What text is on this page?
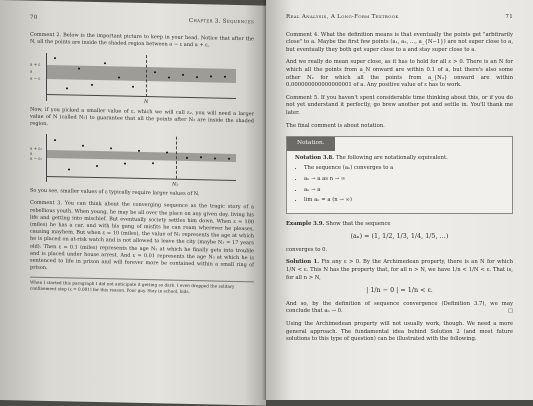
70
Chapter 3. Sequences

Comment 2. Below is the important picture to keep in your head. Notice that after the N, all the points are inside the shaded region between a − ε and a + ε.

a + ε
a
a − ε
N

Now, if you picked a smaller value of ε, which we will call ε₂, you will need a larger value of N (called N₂) to guarantee that all the points after N₂ are inside the shaded region.

a + ε₂
a
a − ε₂
N₂

So you see, smaller values of ε typically require larger values of N.

Comment 3. You can think about the converging sequence as the tragic story of a rebellious youth. When young, he may be all over the place on any given day, living his life and getting into mischief. But eventually society settles him down. When ε = 100 (miles) he has a car, and with his gang of misfits he can roam wherever he pleases, causing mayhem. But when ε = 10 (miles), the value of N₁ represents the age at which he is placed on at-risk watch and is not allowed to leave the city (maybe N₁ = 17 years old). Then ε = 0.1 (miles) represents the age N₂ at which he finally gets into trouble and is placed under house arrest. And ε = 0.01 represents the age N₃ at which he is sentenced to life in prison and will forever more be contained within a small ring of prison.

When I started this paragraph I did not anticipate it getting so dark. I even dropped the solitary confinement step (ε = 0.001) for this reason. Poor guy. Stay in school, kids.
Real Analysis, A Long-Form Textbook	71

Comment 4. What the definition means is that eventually the points get "arbitrarily close" to a. Maybe the first few points (a₁, a₂, …, a_{N−1}) are not super close to a, but eventually they both get super close to a and stay super close to a.

And we really do mean super close, as it has to hold for all ε > 0. There is an N for which all the points from a_N onward are within 0.1 of a, but there's also some other N₂ for which all the points from a_{N₂} onward are within 0.000000000000000001 of a. Any positive value of ε has to work.

Comment 5. If you haven't spent considerable time thinking about this, or if you do not yet understand it perfectly, go brew another pot and settle in. You'll thank me later.

The final comment is about notation.

Notation.
Notation 3.8. The following are notationally equivalent.
• The sequence (aₙ) converges to a
• aₙ → a as n → ∞
• aₙ → a
• lim aₙ = a (n → ∞)

Example 3.9. Show that the sequence

(aₙ) = (1, 1/2, 1/3, 1/4, 1/5, …)

converges to 0.

Solution 1. Fix any ε > 0. By the Archimedean property, there is an N for which 1/N < ε. This N has the property that, for all n > N, we have 1/n < 1/N < ε. That is, for all n > N,

| 1/n − 0 | = 1/n < ε.

And so, by the definition of sequence convergence (Definition 3.7), we may conclude that aₙ → 0.	□

Using the Archimedean property will not usually work, though. We need a more general approach. The fundamental idea behind Solution 2 (and most future solutions to this type of question) can be illustrated with the following.
